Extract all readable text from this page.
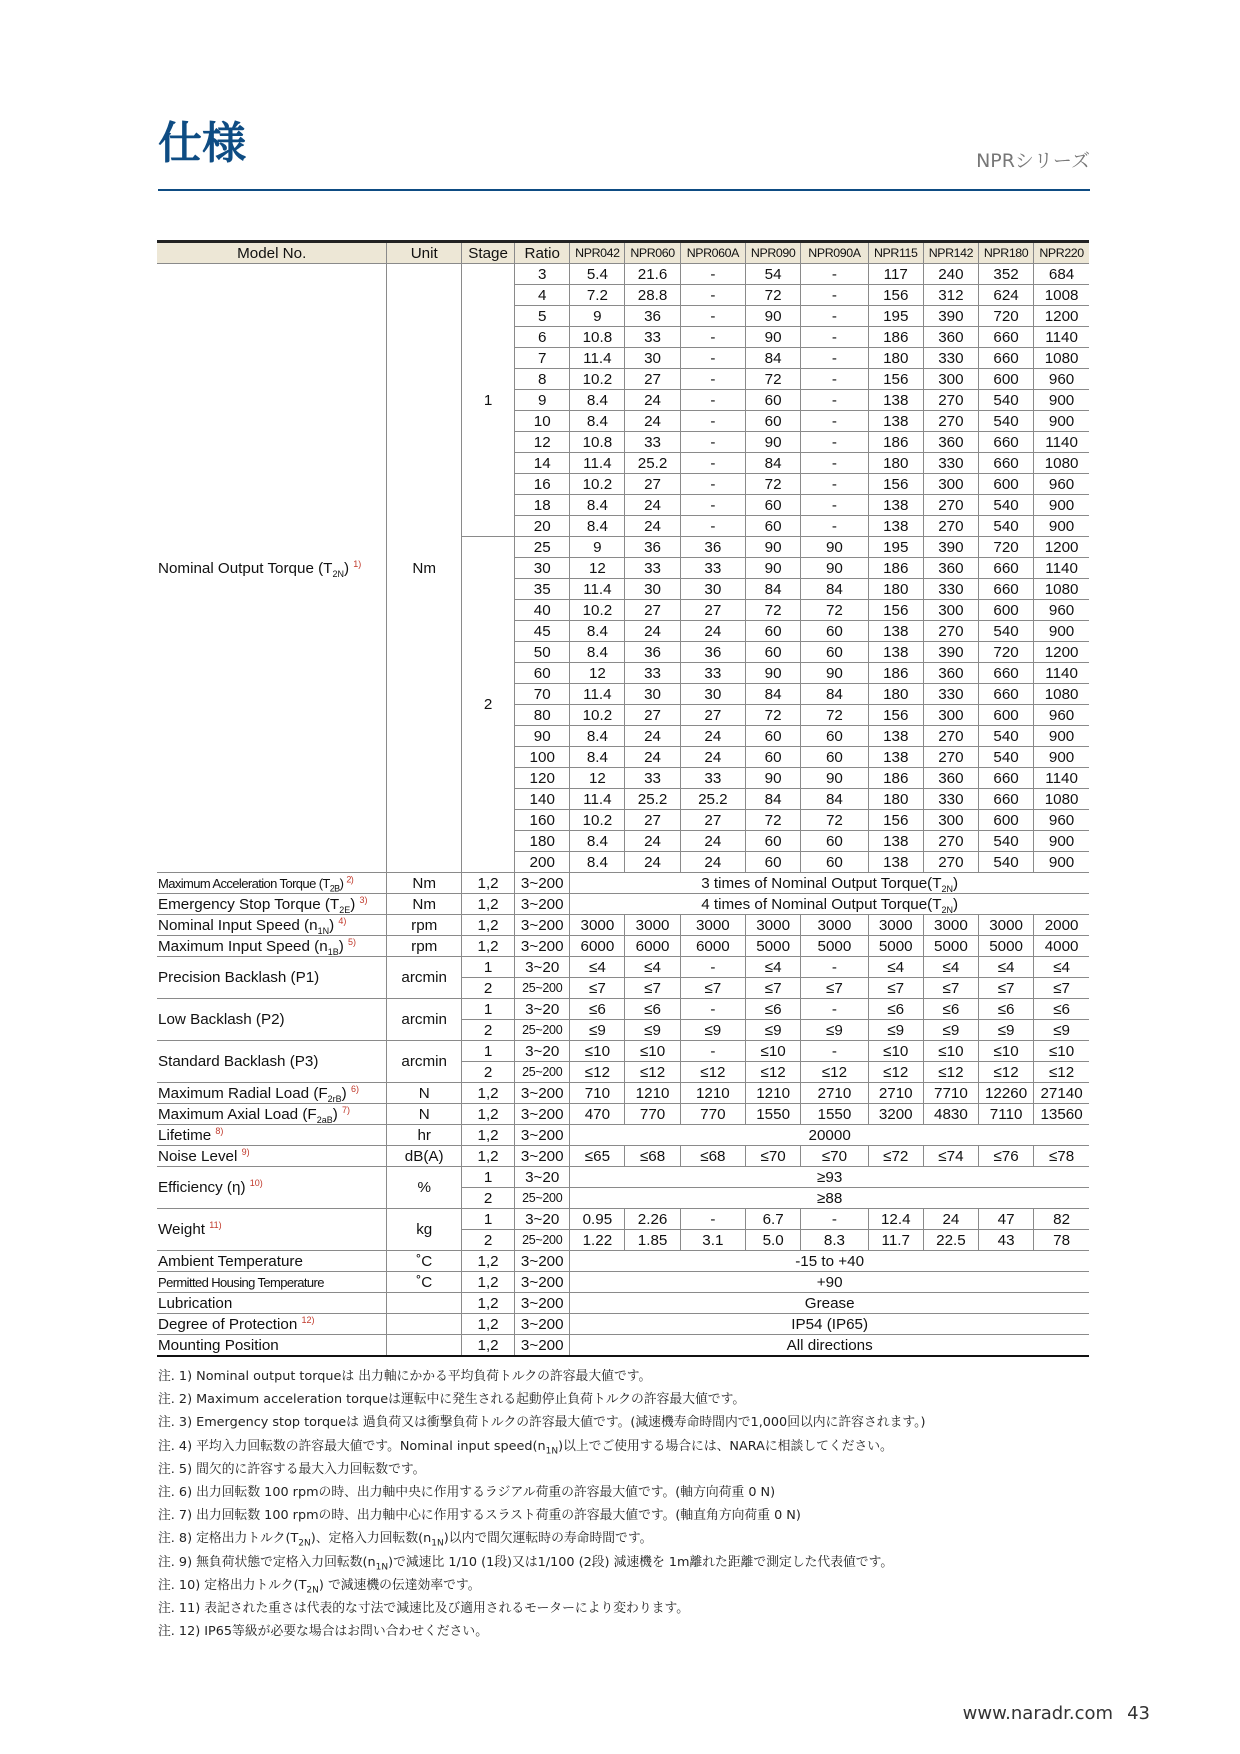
仕様	NPRシリーズ
Model No.	Unit	Stage	Ratio	NPR042	NPR060	NPR060A	NPR090	NPR090A	NPR115	NPR142	NPR180	NPR220
Nominal Output Torque $(T_{2N})$ $^{1)}$	Nm	1	3	5.4	21.6	-	54	-	117	240	352	684
			4	7.2	28.8	-	72	-	156	312	624	1008
			5	9	36	-	90	-	195	390	720	1200
			6	10.8	33	-	90	-	186	360	660	1140
			7	11.4	30	-	84	-	180	330	660	1080
			8	10.2	27	-	72	-	156	300	600	960
			9	8.4	24	-	60	-	138	270	540	900
			10	8.4	24	-	60	-	138	270	540	900
			12	10.8	33	-	90	-	186	360	660	1140
			14	11.4	25.2	-	84	-	180	330	660	1080
			16	10.2	27	-	72	-	156	300	600	960
			18	8.4	24	-	60	-	138	270	540	900
			20	8.4	24	-	60	-	138	270	540	900
		2	25	9	36	36	90	90	195	390	720	1200
			30	12	33	33	90	90	186	360	660	1140
			35	11.4	30	30	84	84	180	330	660	1080
			40	10.2	27	27	72	72	156	300	600	960
			45	8.4	24	24	60	60	138	270	540	900
			50	8.4	36	36	60	60	138	390	720	1200
			60	12	33	33	90	90	186	360	660	1140
			70	11.4	30	30	84	84	180	330	660	1080
			80	10.2	27	27	72	72	156	300	600	960
			90	8.4	24	24	60	60	138	270	540	900
			100	8.4	24	24	60	60	138	270	540	900
			120	12	33	33	90	90	186	360	660	1140
			140	11.4	25.2	25.2	84	84	180	330	660	1080
			160	10.2	27	27	72	72	156	300	600	960
			180	8.4	24	24	60	60	138	270	540	900
			200	8.4	24	24	60	60	138	270	540	900
Maximum Acceleration Torque $(T_{2B})$ $^{2)}$	Nm	1,2	3~200	3 times of Nominal Output $Torque(T_{2N})$								
Emergency Stop Torque $(T_{2E})$ $^{3)}$	Nm	1,2	3~200	4 times of Nominal Output $Torque(T_{2N})$								
Nominal Input Speed $(n_{1N})$ $^{4)}$	rpm	1,2	3~200	3000	3000	3000	3000	3000	3000	3000	3000	2000
Maximum Input Speed $(n_{1B})$ $^{5)}$	rpm	1,2	3~200	6000	6000	6000	5000	5000	5000	5000	5000	4000
Precision Backlash (P1)	arcmin	1	3~20	≤4	≤4	-	≤4	-	≤4	≤4	≤4	≤4
		2	25~200	≤7	≤7	≤7	≤7	≤7	≤7	≤7	≤7	≤7
Low Backlash (P2)	arcmin	1	3~20	≤6	≤6	-	≤6	-	≤6	≤6	≤6	≤6
		2	25~200	≤9	≤9	≤9	≤9	≤9	≤9	≤9	≤9	≤9
Standard Backlash (P3)	arcmin	1	3~20	≤10	≤10	-	≤10	-	≤10	≤10	≤10	≤10
		2	25~200	≤12	≤12	≤12	≤12	≤12	≤12	≤12	≤12	≤12
Maximum Radial Load $(F_{2rB})$ $^{6)}$	N	1,2	3~200	710	1210	1210	1210	2710	2710	7710	12260	27140
Maximum Axial Load $(F_{2aB})$ $^{7)}$	N	1,2	3~200	470	770	770	1550	1550	3200	4830	7110	13560
Lifetime $^{8)}$	hr	1,2	3~200	20000								
Noise Level $^{9)}$	dB(A)	1,2	3~200	≤65	≤68	≤68	≤70	≤70	≤72	≤74	≤76	≤78
Efficiency (η) $^{10)}$	%	1	3~20	≥93								
		2	25~200	≥88								
Weight $^{11)}$	kg	1	3~20	0.95	2.26	-	6.7	-	12.4	24	47	82
		2	25~200	1.22	1.85	3.1	5.0	8.3	11.7	22.5	43	78
Ambient Temperature	˚C	1,2	3~200	-15 to +40								
Permitted Housing Temperature	˚C	1,2	3~200	+90								
Lubrication		1,2	3~200	Grease								
Degree of Protection $^{12)}$		1,2	3~200	IP54 (IP65)								
Mounting Position		1,2	3~200	All directions								
注. 1) Nominal output torqueは 出力軸にかかる平均負荷トルクの許容最大値です。
注. 2) Maximum acceleration torqueは運転中に発生される起動停止負荷トルクの許容最大値です。
注. 3) Emergency stop torqueは 過負荷又は衝撃負荷トルクの許容最大値です。(減速機寿命時間内で1,000回以内に許容されます。)
注. 4) 平均入力回転数の許容最大値です。Nominal input $speed(n_{1N})$以上でご使用する場合には、NARAに相談してください。
注. 5) 間欠的に許容する最大入力回転数です。
注. 6) 出力回転数 100 rpmの時、出力軸中央に作用するラジアル荷重の許容最大値です。(軸方向荷重 0 N)
注. 7) 出力回転数 100 rpmの時、出力軸中心に作用するスラスト荷重の許容最大値です。(軸直角方向荷重 0 N)
注. 8) 定格出力トルク$(T_{2N})$、定格入力回転数$(n_{1N})$以内で間欠運転時の寿命時間です。
注. 9) 無負荷状態で定格入力回転数$(n_{1N})$で減速比 1/10 (1段)又は1/100 (2段) 減速機を 1m離れた距離で測定した代表値です。
注. 10) 定格出力トルク$(T_{2N})$ で減速機の伝達効率です。
注. 11) 表記された重さは代表的な寸法で減速比及び適用されるモーターにより変わります。
注. 12) IP65等級が必要な場合はお問い合わせください。
www.naradr.com 43
